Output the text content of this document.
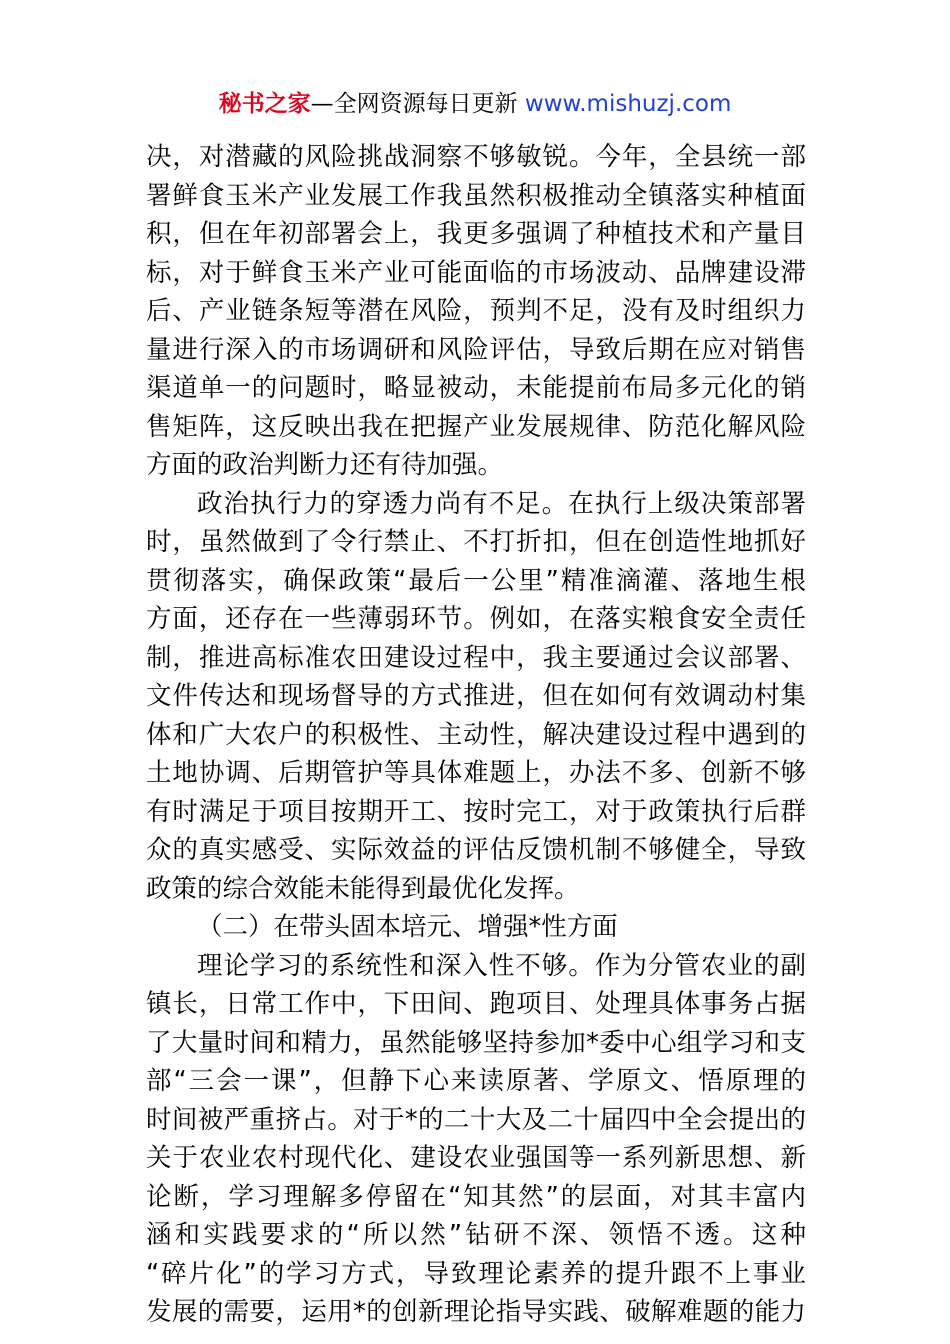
秘书之家—全网资源每日更新 www.mishuzj.com
决，对潜藏的风险挑战洞察不够敏锐。今年，全县统一部
署鲜食玉米产业发展工作我虽然积极推动全镇落实种植面
积，但在年初部署会上，我更多强调了种植技术和产量目
标，对于鲜食玉米产业可能面临的市场波动、品牌建设滞
后、产业链条短等潜在风险，预判不足，没有及时组织力
量进行深入的市场调研和风险评估，导致后期在应对销售
渠道单一的问题时，略显被动，未能提前布局多元化的销
售矩阵，这反映出我在把握产业发展规律、防范化解风险
方面的政治判断力还有待加强。
政治执行力的穿透力尚有不足。在执行上级决策部署
时，虽然做到了令行禁止、不打折扣，但在创造性地抓好
贯彻落实，确保政策“最后一公里”精准滴灌、落地生根
方面，还存在一些薄弱环节。例如，在落实粮食安全责任
制，推进高标准农田建设过程中，我主要通过会议部署、
文件传达和现场督导的方式推进，但在如何有效调动村集
体和广大农户的积极性、主动性，解决建设过程中遇到的
土地协调、后期管护等具体难题上，办法不多、创新不够
有时满足于项目按期开工、按时完工，对于政策执行后群
众的真实感受、实际效益的评估反馈机制不够健全，导致
政策的综合效能未能得到最优化发挥。
（二）在带头固本培元、增强*性方面
理论学习的系统性和深入性不够。作为分管农业的副
镇长，日常工作中，下田间、跑项目、处理具体事务占据
了大量时间和精力，虽然能够坚持参加*委中心组学习和支
部“三会一课”，但静下心来读原著、学原文、悟原理的
时间被严重挤占。对于*的二十大及二十届四中全会提出的
关于农业农村现代化、建设农业强国等一系列新思想、新
论断，学习理解多停留在“知其然”的层面，对其丰富内
涵和实践要求的“所以然”钻研不深、领悟不透。这种
“碎片化”的学习方式，导致理论素养的提升跟不上事业
发展的需要，运用*的创新理论指导实践、破解难题的能力
